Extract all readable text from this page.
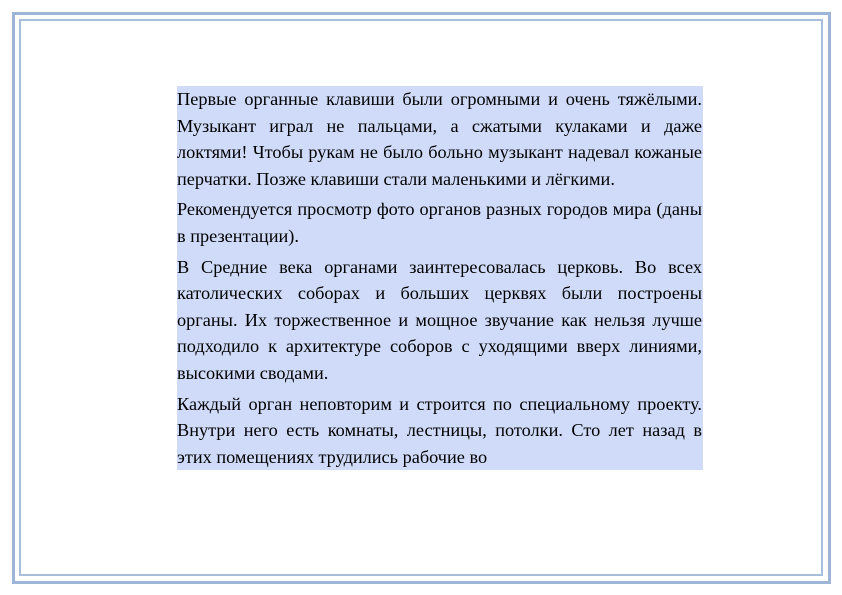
Первые органные клавиши были огромными и очень тяжёлыми. Музыкант играл не пальцами, а сжатыми кулаками и даже локтями! Чтобы рукам не было больно музыкант надевал кожаные перчатки. Позже клавиши стали маленькими и лёгкими.

Рекомендуется просмотр фото органов разных городов мира (даны в презентации).

В Средние века органами заинтересовалась церковь. Во всех католических соборах и больших церквях были построены органы. Их торжественное и мощное звучание как нельзя лучше подходило к архитектуре соборов с уходящими вверх линиями, высокими сводами.

Каждый орган неповторим и строится по специальному проекту. Внутри него есть комнаты, лестницы, потолки. Сто лет назад в этих помещениях трудились рабочие во
